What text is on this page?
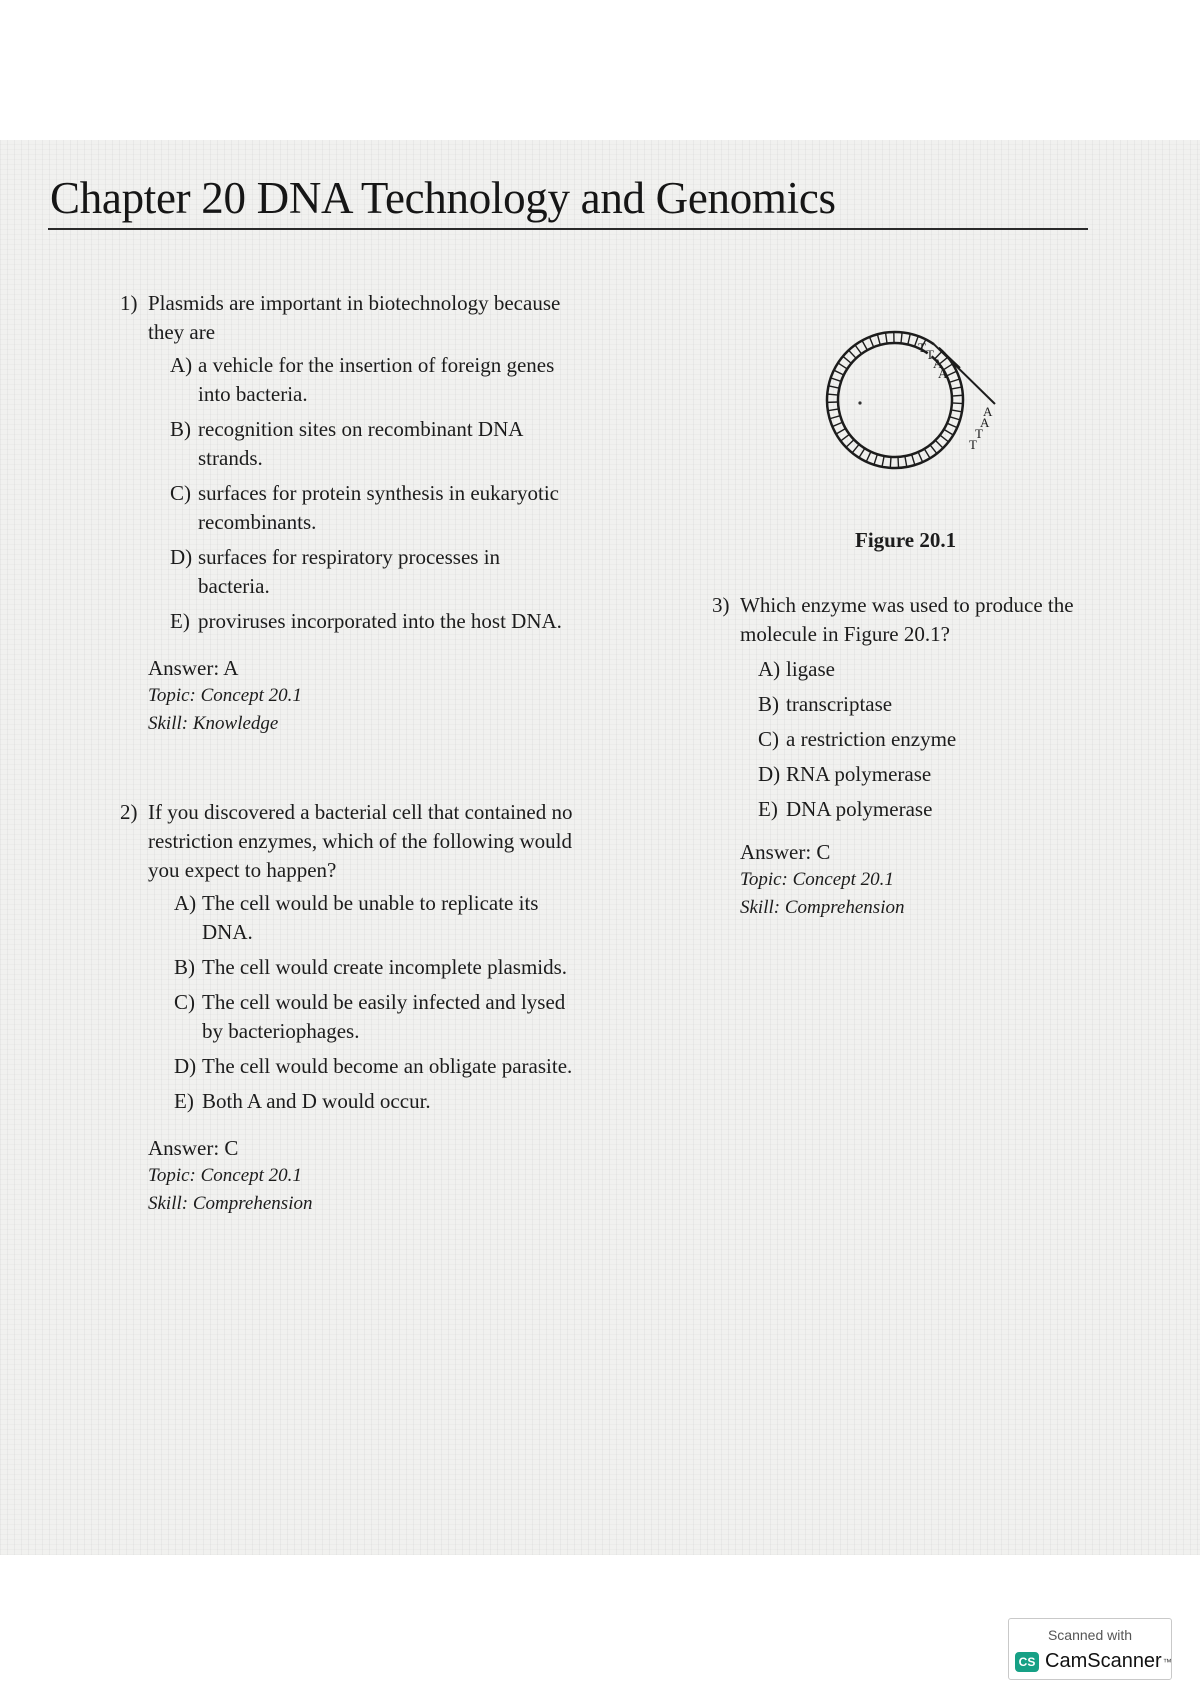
Chapter 20 DNA Technology and Genomics
1) Plasmids are important in biotechnology because they are
A) a vehicle for the insertion of foreign genes into bacteria.
B) recognition sites on recombinant DNA strands.
C) surfaces for protein synthesis in eukaryotic recombinants.
D) surfaces for respiratory processes in bacteria.
E) proviruses incorporated into the host DNA.
Answer: A
Topic: Concept 20.1
Skill: Knowledge
2) If you discovered a bacterial cell that contained no restriction enzymes, which of the following would you expect to happen?
A) The cell would be unable to replicate its DNA.
B) The cell would create incomplete plasmids.
C) The cell would be easily infected and lysed by bacteriophages.
D) The cell would become an obligate parasite.
E) Both A and D would occur.
Answer: C
Topic: Concept 20.1
Skill: Comprehension
T T
A
A
A
A
T
T
Figure 20.1
3) Which enzyme was used to produce the molecule in Figure 20.1?
A) ligase
B) transcriptase
C) a restriction enzyme
D) RNA polymerase
E) DNA polymerase
Answer: C
Topic: Concept 20.1
Skill: Comprehension
Scanned with
CS CamScanner ™
